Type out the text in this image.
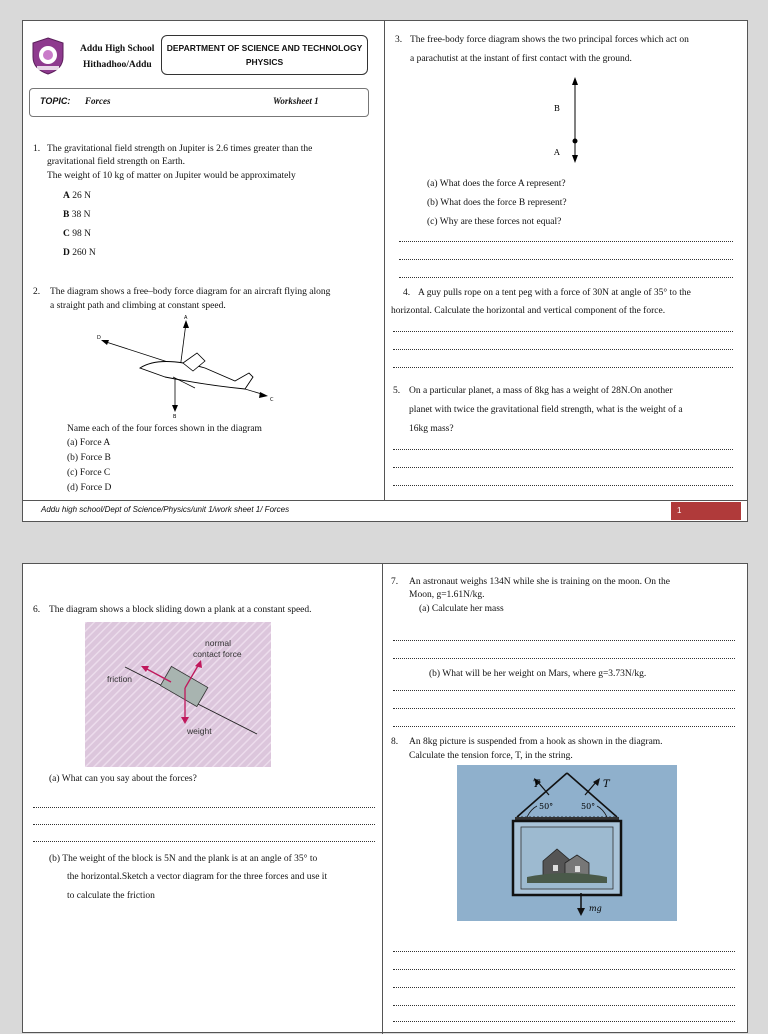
Addu High School
Hithadhoo/Addu
DEPARTMENT OF SCIENCE AND TECHNOLOGY
PHYSICS
TOPIC: Forces	Worksheet 1
1. The gravitational field strength on Jupiter is 2.6 times greater than the
gravitational field strength on Earth.
The weight of 10 kg of matter on Jupiter would be approximately
A 26 N
B 38 N
C 98 N
D 260 N
2. The diagram shows a free–body force diagram for an aircraft flying along
a straight path and climbing at constant speed.
D
A
B
C
Name each of the four forces shown in the diagram
(a) Force A
(b) Force B
(c) Force C
(d) Force D
3. The free-body force diagram shows the two principal forces which act on
a parachutist at the instant of first contact with the ground.
B
A
(a) What does the force A represent?
(b) What does the force B represent?
(c) Why are these forces not equal?
4. A guy pulls rope on a tent peg with a force of 30N at angle of 35° to the
horizontal. Calculate the horizontal and vertical component of the force.
5. On a particular planet, a mass of 8kg has a weight of 28N.On another
planet with twice the gravitational field strength, what is the weight of a
16kg mass?
Addu high school/Dept of Science/Physics/unit 1/work sheet 1/ Forces	1
6. The diagram shows a block sliding down a plank at a constant speed.
normal
contact force
friction
weight
(a) What can you say about the forces?
(b) The weight of the block is 5N and the plank is at an angle of 35° to
the horizontal.Sketch a vector diagram for the three forces and use it
to calculate the friction
7. An astronaut weighs 134N while she is training on the moon. On the
Moon, g=1.61N/kg.
(a) Calculate her mass
(b) What will be her weight on Mars, where g=3.73N/kg.
8. An 8kg picture is suspended from a hook as shown in the diagram.
Calculate the tension force, T, in the string.
T	T
50°	50°
mg
